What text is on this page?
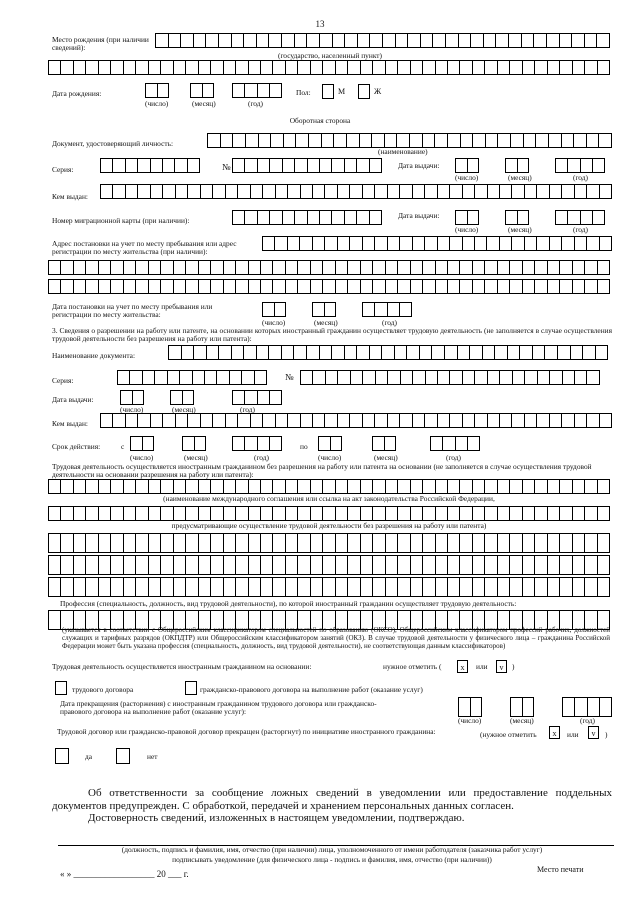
13
Место рождения (при наличии сведений):
(государство, населенный пункт)
Дата рождения:
(число)	(месяц)	(год)
Пол:	М	Ж
Оборотная сторона
Документ, удостоверяющий личность:
(наименование)
Серия:	№	Дата выдачи:
(число)	(месяц)	(год)
Кем выдан:
Номер миграционной карты (при наличии):
Дата выдачи:
(число)	(месяц)	(год)
Адрес постановки на учет по месту пребывания или адрес регистрации по месту жительства (при наличии):
Дата постановки на учет по месту пребывания или регистрации по месту жительства:
(число)	(месяц)	(год)
3. Сведения о разрешении на работу или патенте, на основании которых иностранный гражданин осуществляет трудовую деятельность (не заполняется в случае осуществления трудовой деятельности без разрешения на работу или патента):
Наименование документа:
Серия:	№
Дата выдачи:
(число)	(месяц)	(год)
Кем выдан:
Срок действия:	с	по
(число)	(месяц)	(год)	(число)	(месяц)	(год)
Трудовая деятельность осуществляется иностранным гражданином без разрешения на работу или патента на основании (не заполняется в случае осуществления трудовой деятельности на основании разрешения на работу или патента):
(наименование международного соглашения или ссылка на акт законодательства Российской Федерации,
предусматривающие осуществление трудовой деятельности без разрешения на работу или патента)
Профессия (специальность, должность, вид трудовой деятельности), по которой иностранный гражданин осуществляет трудовую деятельность:
(указывается в соответствии с Общероссийским классификатором специальностей по образованию (ОКСО), Общероссийским классификатором профессий рабочих, должностей служащих и тарифных разрядов (ОКПДТР) или Общероссийским классификатором занятий (ОКЗ). В случае трудовой деятельности у физического лица – гражданина Российской Федерации может быть указана профессия (специальность, должность, вид трудовой деятельности), не соответствующая данным классификаторов)
Трудовая деятельность осуществляется иностранным гражданином на основании:	нужное отметить (	х	или	v	)
трудового договора	гражданско-правового договора на выполнение работ (оказание услуг)
Дата прекращения (расторжения) с иностранным гражданином трудового договора или гражданско-правового договора на выполнение работ (оказание услуг):
(число)	(месяц)	(год)
Трудовой договор или гражданско-правовой договор прекращен (расторгнут) по инициативе иностранного гражданина:	(нужное отметить	х	или	v	)
да	нет
Об ответственности за сообщение ложных сведений в уведомлении или предоставление поддельных документов предупрежден. С обработкой, передачей и хранением персональных данных согласен.
Достоверность сведений, изложенных в настоящем уведомлении, подтверждаю.
(должность, подпись и фамилия, имя, отчество (при наличии) лица, уполномоченного от имени работодателя (заказчика работ услуг)
подписывать уведомление (для физического лица - подпись и фамилия, имя, отчество (при наличии))
« » __________________ 20 ___ г.	Место печати
